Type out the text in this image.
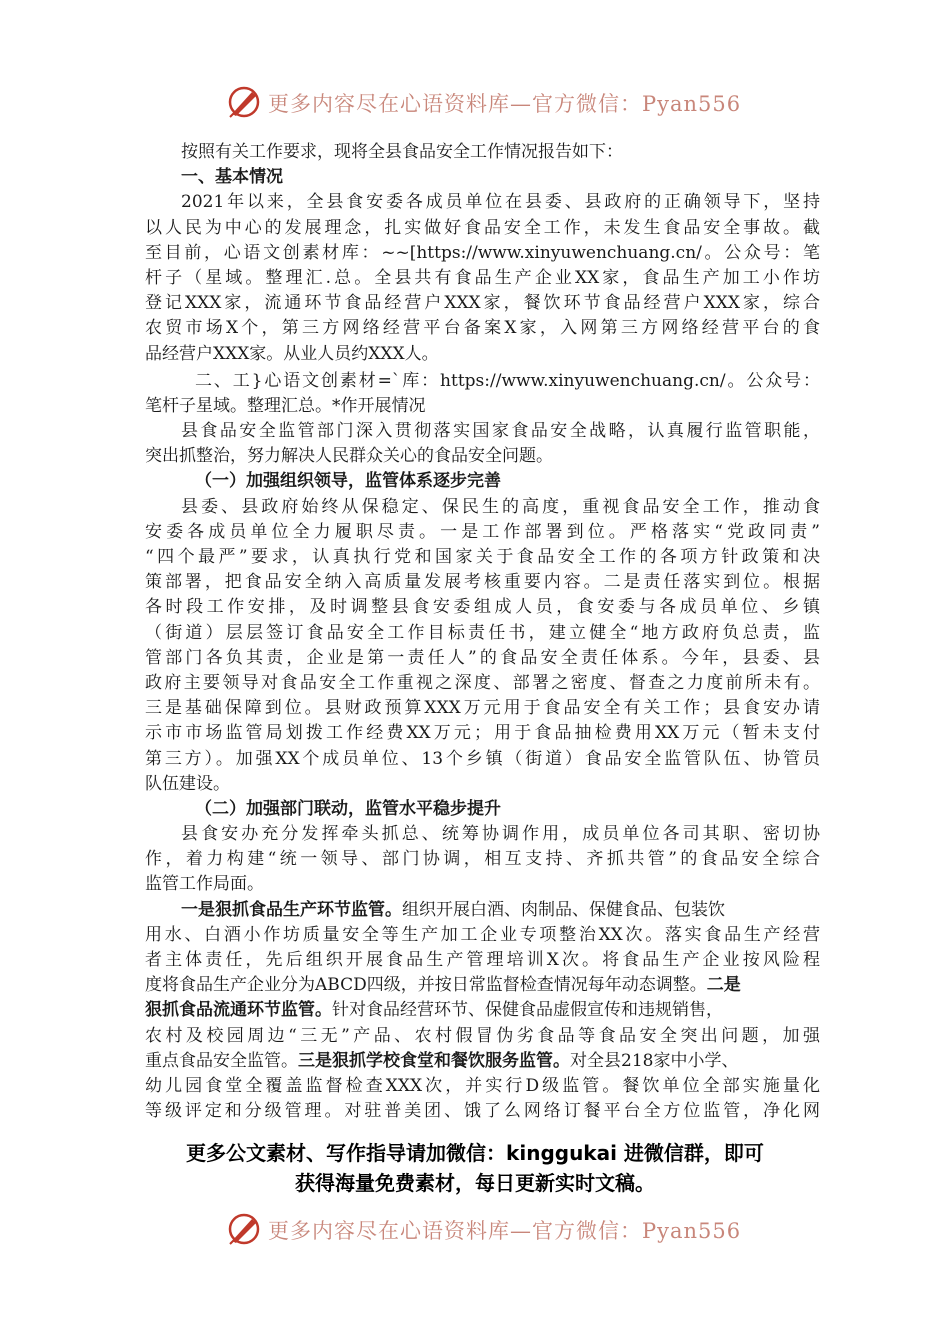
更多内容尽在心语资料库—官方微信：Pyan556
按照有关工作要求，现将全县食品安全工作情况报告如下：
一、基本情况
2021年以来，全县食安委各成员单位在县委、县政府的正确领导下，坚持
以人民为中心的发展理念，扎实做好食品安全工作，未发生食品安全事故。截
至目前，心语文创素材库：~~[https://www.xinyuwenchuang.cn/。公众号：笔
杆子（星域。整理汇.总。全县共有食品生产企业XX家，食品生产加工小作坊
登记XXX家，流通环节食品经营户XXX家，餐饮环节食品经营户XXX家，综合
农贸市场X个，第三方网络经营平台备案X家，入网第三方网络经营平台的食
品经营户XXX家。从业人员约XXX人。
二、工}心语文创素材=`库：https://www.xinyuwenchuang.cn/。公众号：
笔杆子星域。整理汇总。*作开展情况
县食品安全监管部门深入贯彻落实国家食品安全战略，认真履行监管职能，
突出抓整治，努力解决人民群众关心的食品安全问题。
（一）加强组织领导，监管体系逐步完善
县委、县政府始终从保稳定、保民生的高度，重视食品安全工作，推动食
安委各成员单位全力履职尽责。一是工作部署到位。严格落实“党政同责”
“四个最严”要求，认真执行党和国家关于食品安全工作的各项方针政策和决
策部署，把食品安全纳入高质量发展考核重要内容。二是责任落实到位。根据
各时段工作安排，及时调整县食安委组成人员，食安委与各成员单位、乡镇
（街道）层层签订食品安全工作目标责任书，建立健全“地方政府负总责，监
管部门各负其责，企业是第一责任人”的食品安全责任体系。今年，县委、县
政府主要领导对食品安全工作重视之深度、部署之密度、督查之力度前所未有。
三是基础保障到位。县财政预算XXX万元用于食品安全有关工作；县食安办请
示市市场监管局划拨工作经费XX万元；用于食品抽检费用XX万元（暂未支付
第三方）。加强XX个成员单位、13个乡镇（街道）食品安全监管队伍、协管员
队伍建设。
（二）加强部门联动，监管水平稳步提升
县食安办充分发挥牵头抓总、统筹协调作用，成员单位各司其职、密切协
作，着力构建“统一领导、部门协调，相互支持、齐抓共管”的食品安全综合
监管工作局面。
一是狠抓食品生产环节监管。组织开展白酒、肉制品、保健食品、包装饮
用水、白酒小作坊质量安全等生产加工企业专项整治XX次。落实食品生产经营
者主体责任，先后组织开展食品生产管理培训X次。将食品生产企业按风险程
度将食品生产企业分为ABCD四级，并按日常监督检查情况每年动态调整。二是
狠抓食品流通环节监管。针对食品经营环节、保健食品虚假宣传和违规销售，
农村及校园周边“三无”产品、农村假冒伪劣食品等食品安全突出问题，加强
重点食品安全监管。三是狠抓学校食堂和餐饮服务监管。对全县218家中小学、
幼儿园食堂全覆盖监督检查XXX次，并实行D级监管。餐饮单位全部实施量化
等级评定和分级管理。对驻普美团、饿了么网络订餐平台全方位监管，净化网
更多公文素材、写作指导请加微信：kinggukai 进微信群，即可
获得海量免费素材，每日更新实时文稿。
更多内容尽在心语资料库—官方微信：Pyan556
